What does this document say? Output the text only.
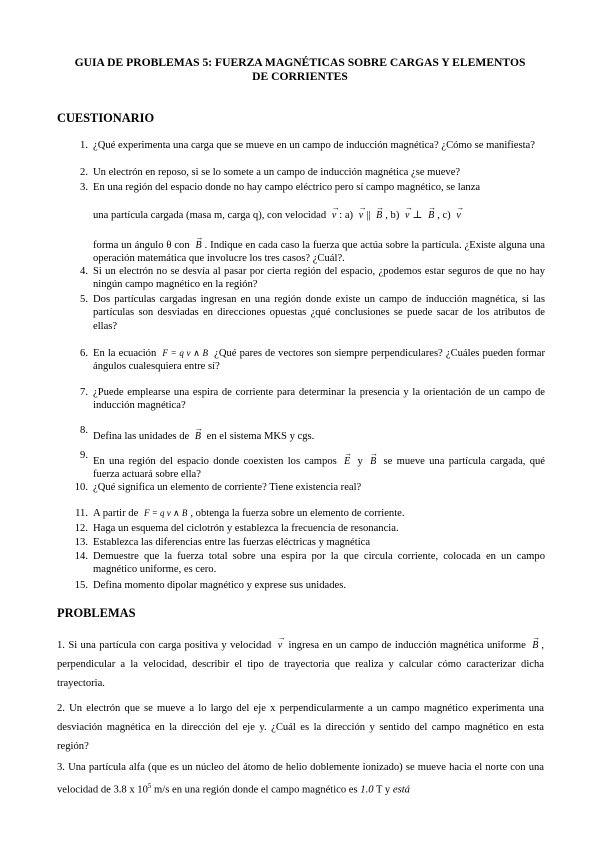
GUIA DE PROBLEMAS 5: FUERZA MAGNÉTICAS SOBRE CARGAS Y ELEMENTOS
DE CORRIENTES
CUESTIONARIO
1. ¿Qué experimenta una carga que se mueve en un campo de inducción magnética? ¿Cómo se manifiesta?
2. Un electrón en reposo, si se lo somete a un campo de inducción magnética ¿se mueve?
3. En una región del espacio donde no hay campo eléctrico pero sí campo magnético, se lanza
una partícula cargada (masa m, carga q), con velocidad → v : a) → v || → B , b) → v ⊥ → B , c) → v
forma un ángulo θ con → B . Indique en cada caso la fuerza que actúa sobre la partícula. ¿Existe alguna una operación matemática que involucre los tres casos? ¿Cuál?.
4. Si un electrón no se desvía al pasar por cierta región del espacio, ¿podemos estar seguros de que no hay ningún campo magnético en la región?
5. Dos partículas cargadas ingresan en una región donde existe un campo de inducción magnética, si las partículas son desviadas en direcciones opuestas ¿qué conclusiones se puede sacar de los atributos de ellas?
6. En la ecuación F = q v ∧ B ¿Qué pares de vectores son siempre perpendiculares? ¿Cuáles pueden formar ángulos cualesquiera entre sí?
7. ¿Puede emplearse una espira de corriente para determinar la presencia y la orientación de un campo de inducción magnética?
8.
Defina las unidades de → B en el sistema MKS y cgs.
9.
En una región del espacio donde coexisten los campos → E y → B se mueve una partícula cargada, qué fuerza actuará sobre ella?
10. ¿Qué significa un elemento de corriente? Tiene existencia real?
11. A partir de F = q v ∧ B , obtenga la fuerza sobre un elemento de corriente.
12. Haga un esquema del ciclotrón y establezca la frecuencia de resonancia.
13. Establezca las diferencias entre las fuerzas eléctricas y magnética
14. Demuestre que la fuerza total sobre una espira por la que circula corriente, colocada en un campo magnético uniforme, es cero.
15. Defina momento dipolar magnético y exprese sus unidades.
PROBLEMAS
1. Si una partícula con carga positiva y velocidad → v ingresa en un campo de inducción magnética uniforme → B , perpendicular a la velocidad, describir el tipo de trayectoria que realiza y calcular cómo caracterizar dicha trayectoria.
2. Un electrón que se mueve a lo largo del eje x perpendicularmente a un campo magnético experimenta una desviación magnética en la dirección del eje y. ¿Cuál es la dirección y sentido del campo magnético en esta región?
3. Una partícula alfa (que es un núcleo del átomo de helio doblemente ionizado) se mueve hacia el norte con una velocidad de 3.8 x $10^5$ m/s en una región donde el campo magnético es 1.0 T y está
